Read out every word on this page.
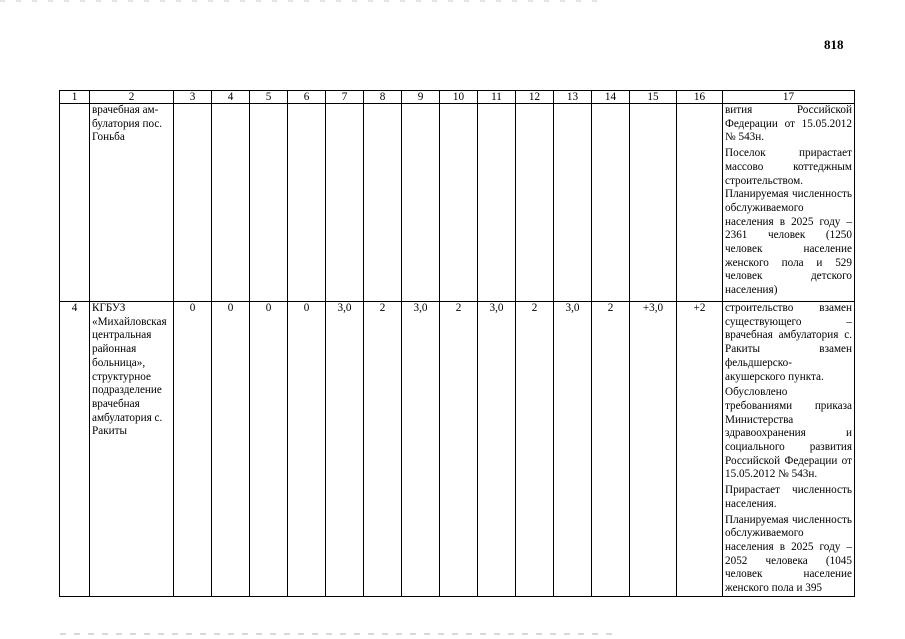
818
1	2	3	4	5	6	7	8	9	10	11	12	13	14	15	16	17
	врачебная ам-булатория пос. Гоньба															вития Российской Федерации от 15.05.2012 № 543н.

Поселок прирастает массово коттеджным строительством. Планируемая численность обслуживаемого населения в 2025 году – 2361 человек (1250 человек население женского пола и 529 человек детского населения)

4	КГБУЗ «Михайловская центральная районная больница», структурное подразделение врачебная амбулатория с. Ракиты	0	0	0	0	3,0	2	3,0	2	3,0	2	3,0	2	+3,0	+2	строительство взамен существующего – врачебная амбулатория с. Ракиты взамен фельдшерско-акушерского пункта.

Обусловлено требованиями приказа Министерства здравоохранения и социального развития Российской Федерации от 15.05.2012 № 543н.

Прирастает численность населения.

Планируемая численность обслуживаемого населения в 2025 году – 2052 человека (1045 человек население женского пола и 395
